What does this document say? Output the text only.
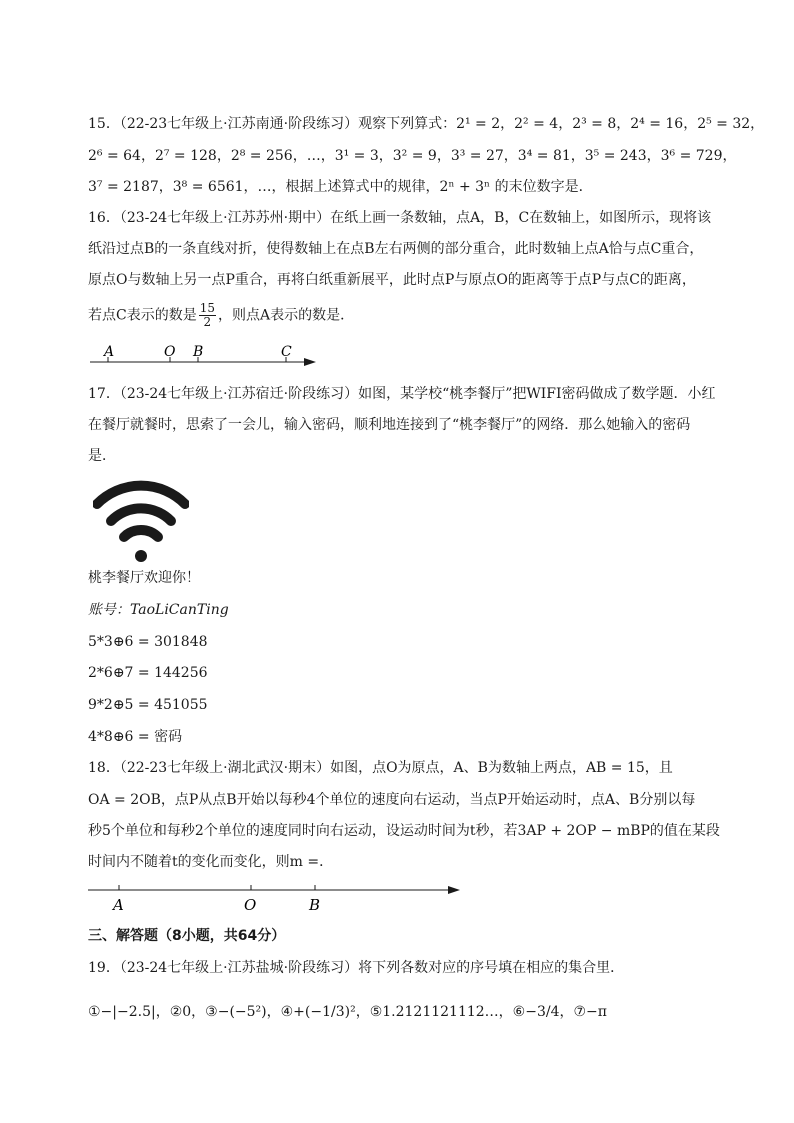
15．（22-23七年级上·江苏南通·阶段练习）观察下列算式：2¹ = 2，2² = 4，2³ = 8，2⁴ = 16，2⁵ = 32，
2⁶ = 64，2⁷ = 128，2⁸ = 256，…，3¹ = 3，3² = 9，3³ = 27，3⁴ = 81，3⁵ = 243，3⁶ = 729，
3⁷ = 2187，3⁸ = 6561，…，根据上述算式中的规律，2ⁿ + 3ⁿ 的末位数字是．
16．（23-24七年级上·江苏苏州·期中）在纸上画一条数轴，点A，B，C在数轴上，如图所示，现将该
纸沿过点B的一条直线对折，使得数轴上在点B左右两侧的部分重合，此时数轴上点A恰与点C重合，
原点O与数轴上另一点P重合，再将白纸重新展平，此时点P与原点O的距离等于点P与点C的距离，
若点C表示的数是 $\frac{15}{2}$ ，则点A表示的数是．
A	O B	C
17．（23-24七年级上·江苏宿迁·阶段练习）如图，某学校“桃李餐厅”把WIFI密码做成了数学题．小红
在餐厅就餐时，思索了一会儿，输入密码，顺利地连接到了“桃李餐厅”的网络．那么她输入的密码
是．
桃李餐厅欢迎你！
账号：TaoLiCanTing
5*3⊕6 = 301848
2*6⊕7 = 144256
9*2⊕5 = 451055
4*8⊕6 = 密码
18．（22-23七年级上·湖北武汉·期末）如图，点O为原点，A、B为数轴上两点，AB = 15，且
OA = 2OB，点P从点B开始以每秒4个单位的速度向右运动，当点P开始运动时，点A、B分别以每
秒5个单位和每秒2个单位的速度同时向右运动，设运动时间为t秒，若3AP + 2OP − mBP的值在某段
时间内不随着t的变化而变化，则m =．
A	O	B
三、解答题（8小题，共64分）
19．（23-24七年级上·江苏盐城·阶段练习）将下列各数对应的序号填在相应的集合里．
①−|−2.5|，②0，③−(−5²)，④+(−1/3)²，⑤1.2121121112…，⑥−3/4，⑦−π
